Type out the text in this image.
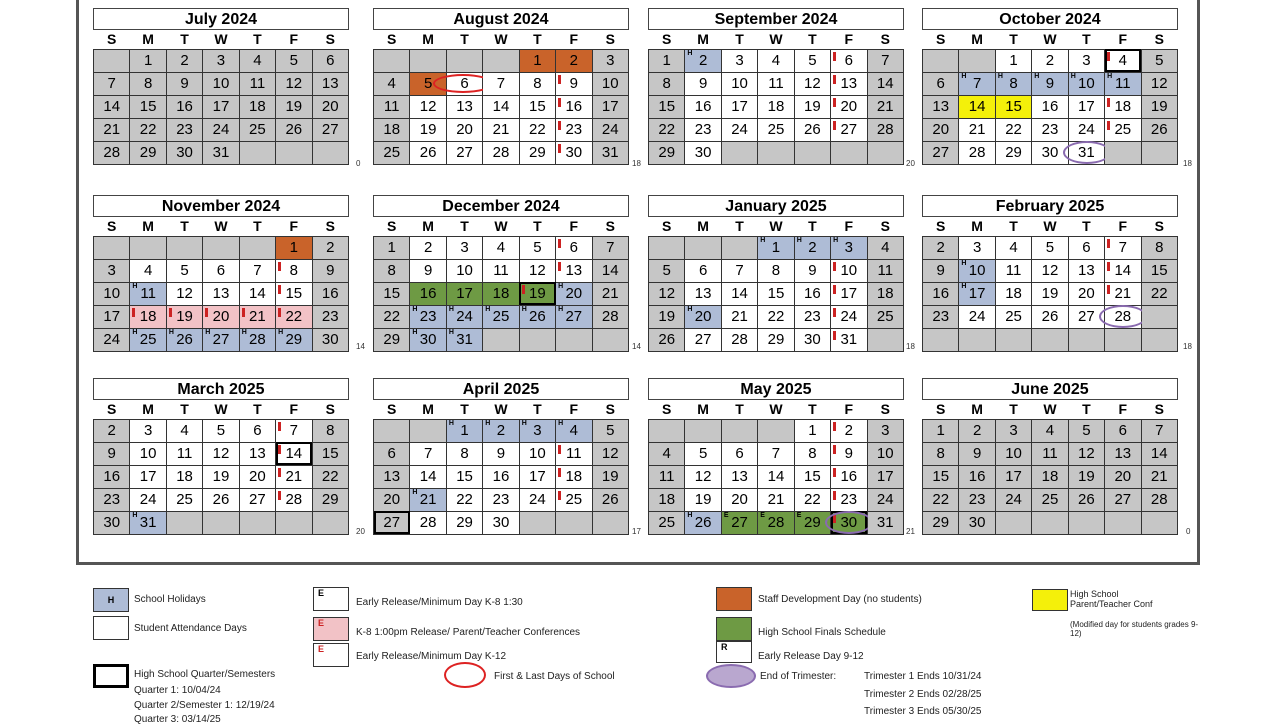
July 2024
S	M	T	W	T	F	S
	1	2	3	4	5	6
7	8	9	10	11	12	13
14	15	16	17	18	19	20
21	22	23	24	25	26	27
28	29	30	31			
August 2024
S	M	T	W	T	F	S
				1	2	3
4	5	6	7	8	9	10
11	12	13	14	15	16	17
18	19	20	21	22	23	24
25	26	27	28	29	30	31
September 2024
S	M	T	W	T	F	S
1	H 2	3	4	5	6	7
8	9	10	11	12	13	14
15	16	17	18	19	20	21
22	23	24	25	26	27	28
29	30					
October 2024
S	M	T	W	T	F	S
		1	2	3	4	5
6	H 7	H 8	H 9	H 10	H 11	12
13	14	15	16	17	18	19
20	21	22	23	24	25	26
27	28	29	30	31		
November 2024
S	M	T	W	T	F	S
					1	2
3	4	5	6	7	8	9
10	H 11	12	13	14	15	16
17	18	19	20	21	22	23
24	H 25	H 26	H 27	H 28	H 29	30
December 2024
S	M	T	W	T	F	S
1	2	3	4	5	6	7
8	9	10	11	12	13	14
15	16	17	18	19	H 20	21
22	H 23	H 24	H 25	H 26	H 27	28
29	H 30	H 31				
January 2025
S	M	T	W	T	F	S

			H 1	H 2	H 3	4
5	6	7	8	9	10	11
12	13	14	15	16	17	18
19	H 20	21	22	23	24	25
26	27	28	29	30	31	
February 2025
S	M	T	W	T	F	S
2	3	4	5	6	7	8
9	H 10	11	12	13	14	15
16	H 17	18	19	20	21	22
23	24	25	26	27	28	

March 2025
S	M	T	W	T	F	S
2	3	4	5	6	7	8
9	10	11	12	13	14	15
16	17	18	19	20	21	22
23	24	25	26	27	28	29
30	H 31					
April 2025
S	M	T	W	T	F	S

		H 1	H 2	H 3	H 4	5
6	7	8	9	10	11	12
13	14	15	16	17	18	19
20	H 21	22	23	24	25	26
27	28	29	30			
May 2025
S	M	T	W	T	F	S
				1	2	3
4	5	6	7	8	9	10
11	12	13	14	15	16	17
18	19	20	21	22	23	24
25	H 26	E 27	E 28	E 29	30	31
June 2025
S	M	T	W	T	F	S
1	2	3	4	5	6	7
8	9	10	11	12	13	14
15	16	17	18	19	20	21
22	23	24	25	26	27	28
29	30					
0	18	20	18
14	14	18	18
20	17	21	0
H	School Holidays
Student Attendance Days
High School Quarter/Semesters
Quarter 1: 10/04/24
Quarter 2/Semester 1: 12/19/24
Quarter 3: 03/14/25
E
Early Release/Minimum Day K-8 1:30
E
K-8 1:00pm Release/ Parent/Teacher Conferences
E
Early Release/Minimum Day K-12
First & Last Days of School
Staff Development Day (no students)
High School Finals Schedule
R
Early Release Day 9-12
End of Trimester:	Trimester 1 Ends 10/31/24
Trimester 2 Ends 02/28/25
Trimester 3 Ends 05/30/25
High School Parent/Teacher Conf
(Modified day for students grades 9-12)
